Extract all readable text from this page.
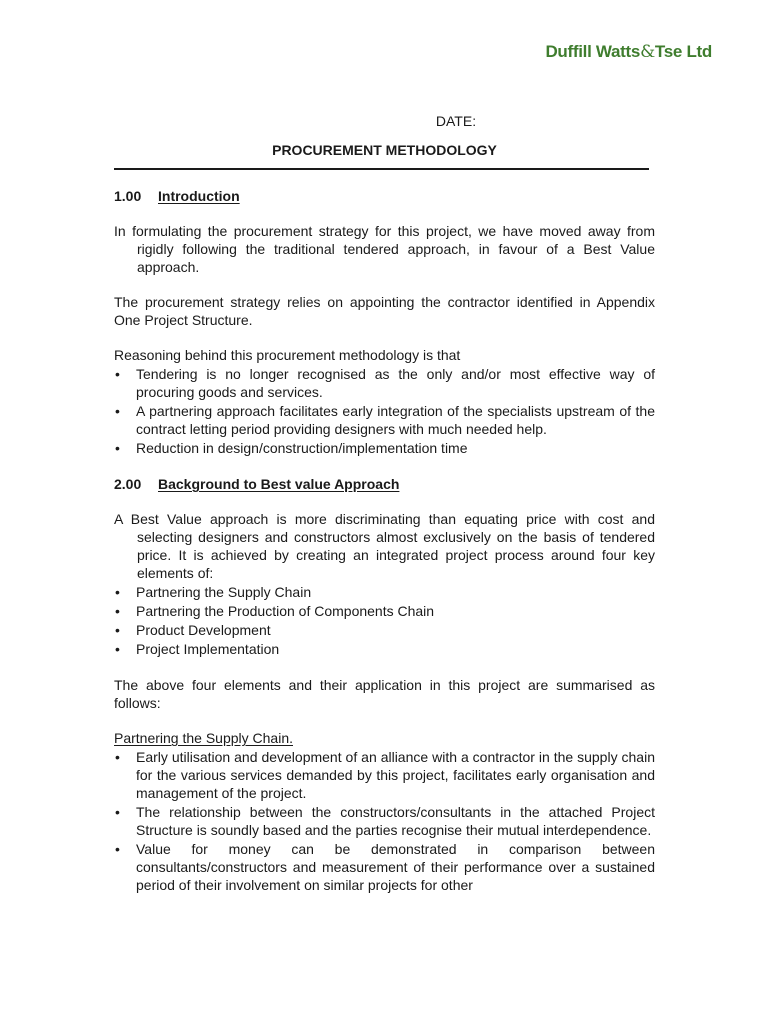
Duffill Watts&Tse Ltd
DATE:
PROCUREMENT METHODOLOGY
1.00 Introduction

In formulating the procurement strategy for this project, we have moved away from rigidly following the traditional tendered approach, in favour of a Best Value approach.

The procurement strategy relies on appointing the contractor identified in Appendix One Project Structure.

Reasoning behind this procurement methodology is that

• Tendering is no longer recognised as the only and/or most effective way of procuring goods and services.
• A partnering approach facilitates early integration of the specialists upstream of the contract letting period providing designers with much needed help.
• Reduction in design/construction/implementation time
2.00 Background to Best value Approach

A Best Value approach is more discriminating than equating price with cost and selecting designers and constructors almost exclusively on the basis of tendered price. It is achieved by creating an integrated project process around four key elements of:

• Partnering the Supply Chain
• Partnering the Production of Components Chain
• Product Development
• Project Implementation

The above four elements and their application in this project are summarised as follows:

Partnering the Supply Chain.

• Early utilisation and development of an alliance with a contractor in the supply chain for the various services demanded by this project, facilitates early organisation and management of the project.
• The relationship between the constructors/consultants in the attached Project Structure is soundly based and the parties recognise their mutual interdependence.
• Value for money can be demonstrated in comparison between consultants/constructors and measurement of their performance over a sustained period of their involvement on similar projects for other
